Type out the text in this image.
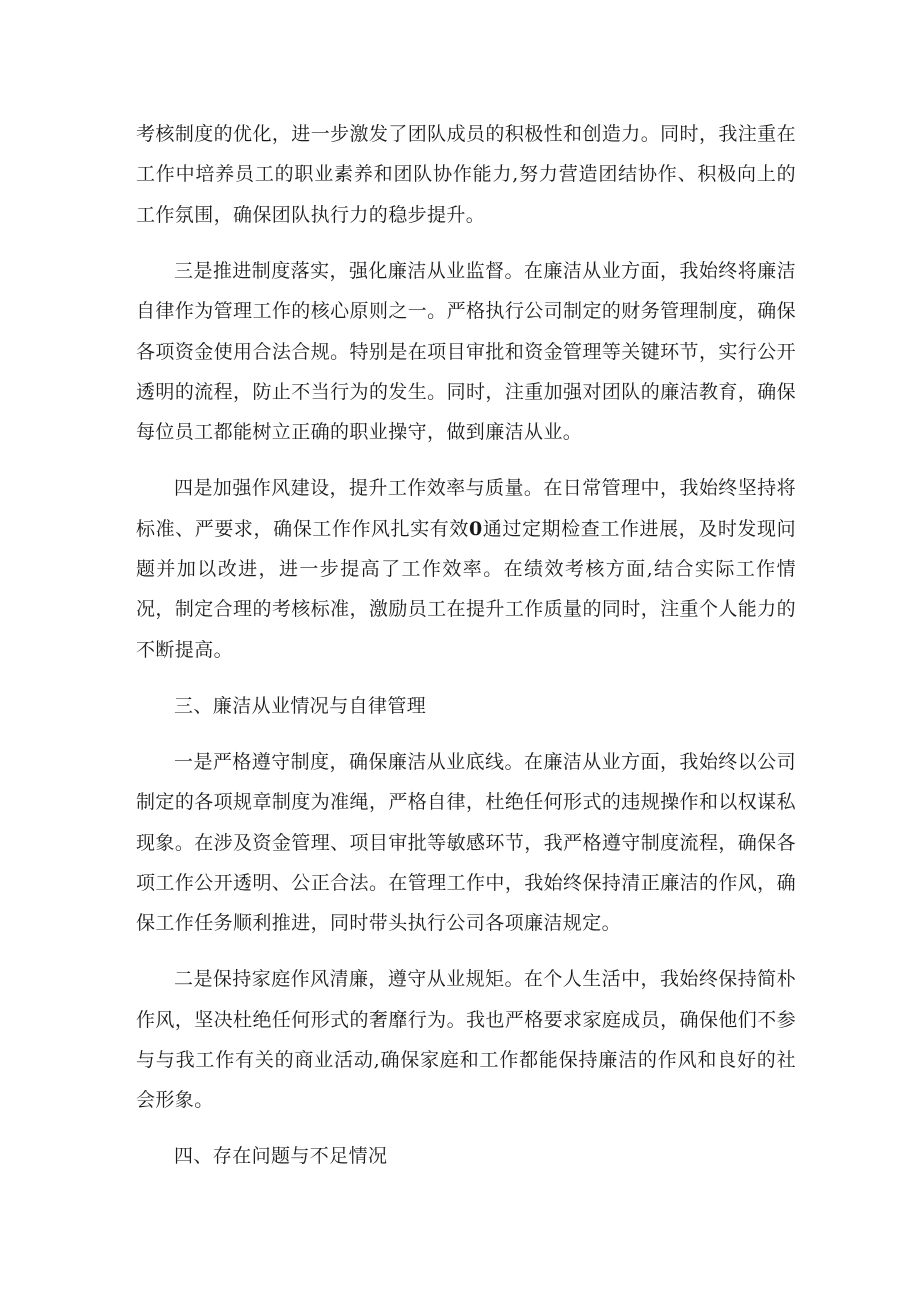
考核制度的优化，进一步激发了团队成员的积极性和创造力。同时，我注重在工作中培养员工的职业素养和团队协作能力,努力营造团结协作、积极向上的工作氛围，确保团队执行力的稳步提升。

三是推进制度落实，强化廉洁从业监督。在廉洁从业方面，我始终将廉洁自律作为管理工作的核心原则之一。严格执行公司制定的财务管理制度，确保各项资金使用合法合规。特别是在项目审批和资金管理等关键环节，实行公开透明的流程，防止不当行为的发生。同时，注重加强对团队的廉洁教育，确保每位员工都能树立正确的职业操守，做到廉洁从业。

四是加强作风建设，提升工作效率与质量。在日常管理中，我始终坚持将标准、严要求，确保工作作风扎实有效0通过定期检查工作进展，及时发现问题并加以改进，进一步提高了工作效率。在绩效考核方面,结合实际工作情况，制定合理的考核标准，激励员工在提升工作质量的同时，注重个人能力的不断提高。

三、廉洁从业情况与自律管理

一是严格遵守制度，确保廉洁从业底线。在廉洁从业方面，我始终以公司制定的各项规章制度为准绳，严格自律，杜绝任何形式的违规操作和以权谋私现象。在涉及资金管理、项目审批等敏感环节，我严格遵守制度流程，确保各项工作公开透明、公正合法。在管理工作中，我始终保持清正廉洁的作风，确保工作任务顺利推进，同时带头执行公司各项廉洁规定。

二是保持家庭作风清廉，遵守从业规矩。在个人生活中，我始终保持简朴作风，坚决杜绝任何形式的奢靡行为。我也严格要求家庭成员，确保他们不参与与我工作有关的商业活动,确保家庭和工作都能保持廉洁的作风和良好的社会形象。

四、存在问题与不足情况
